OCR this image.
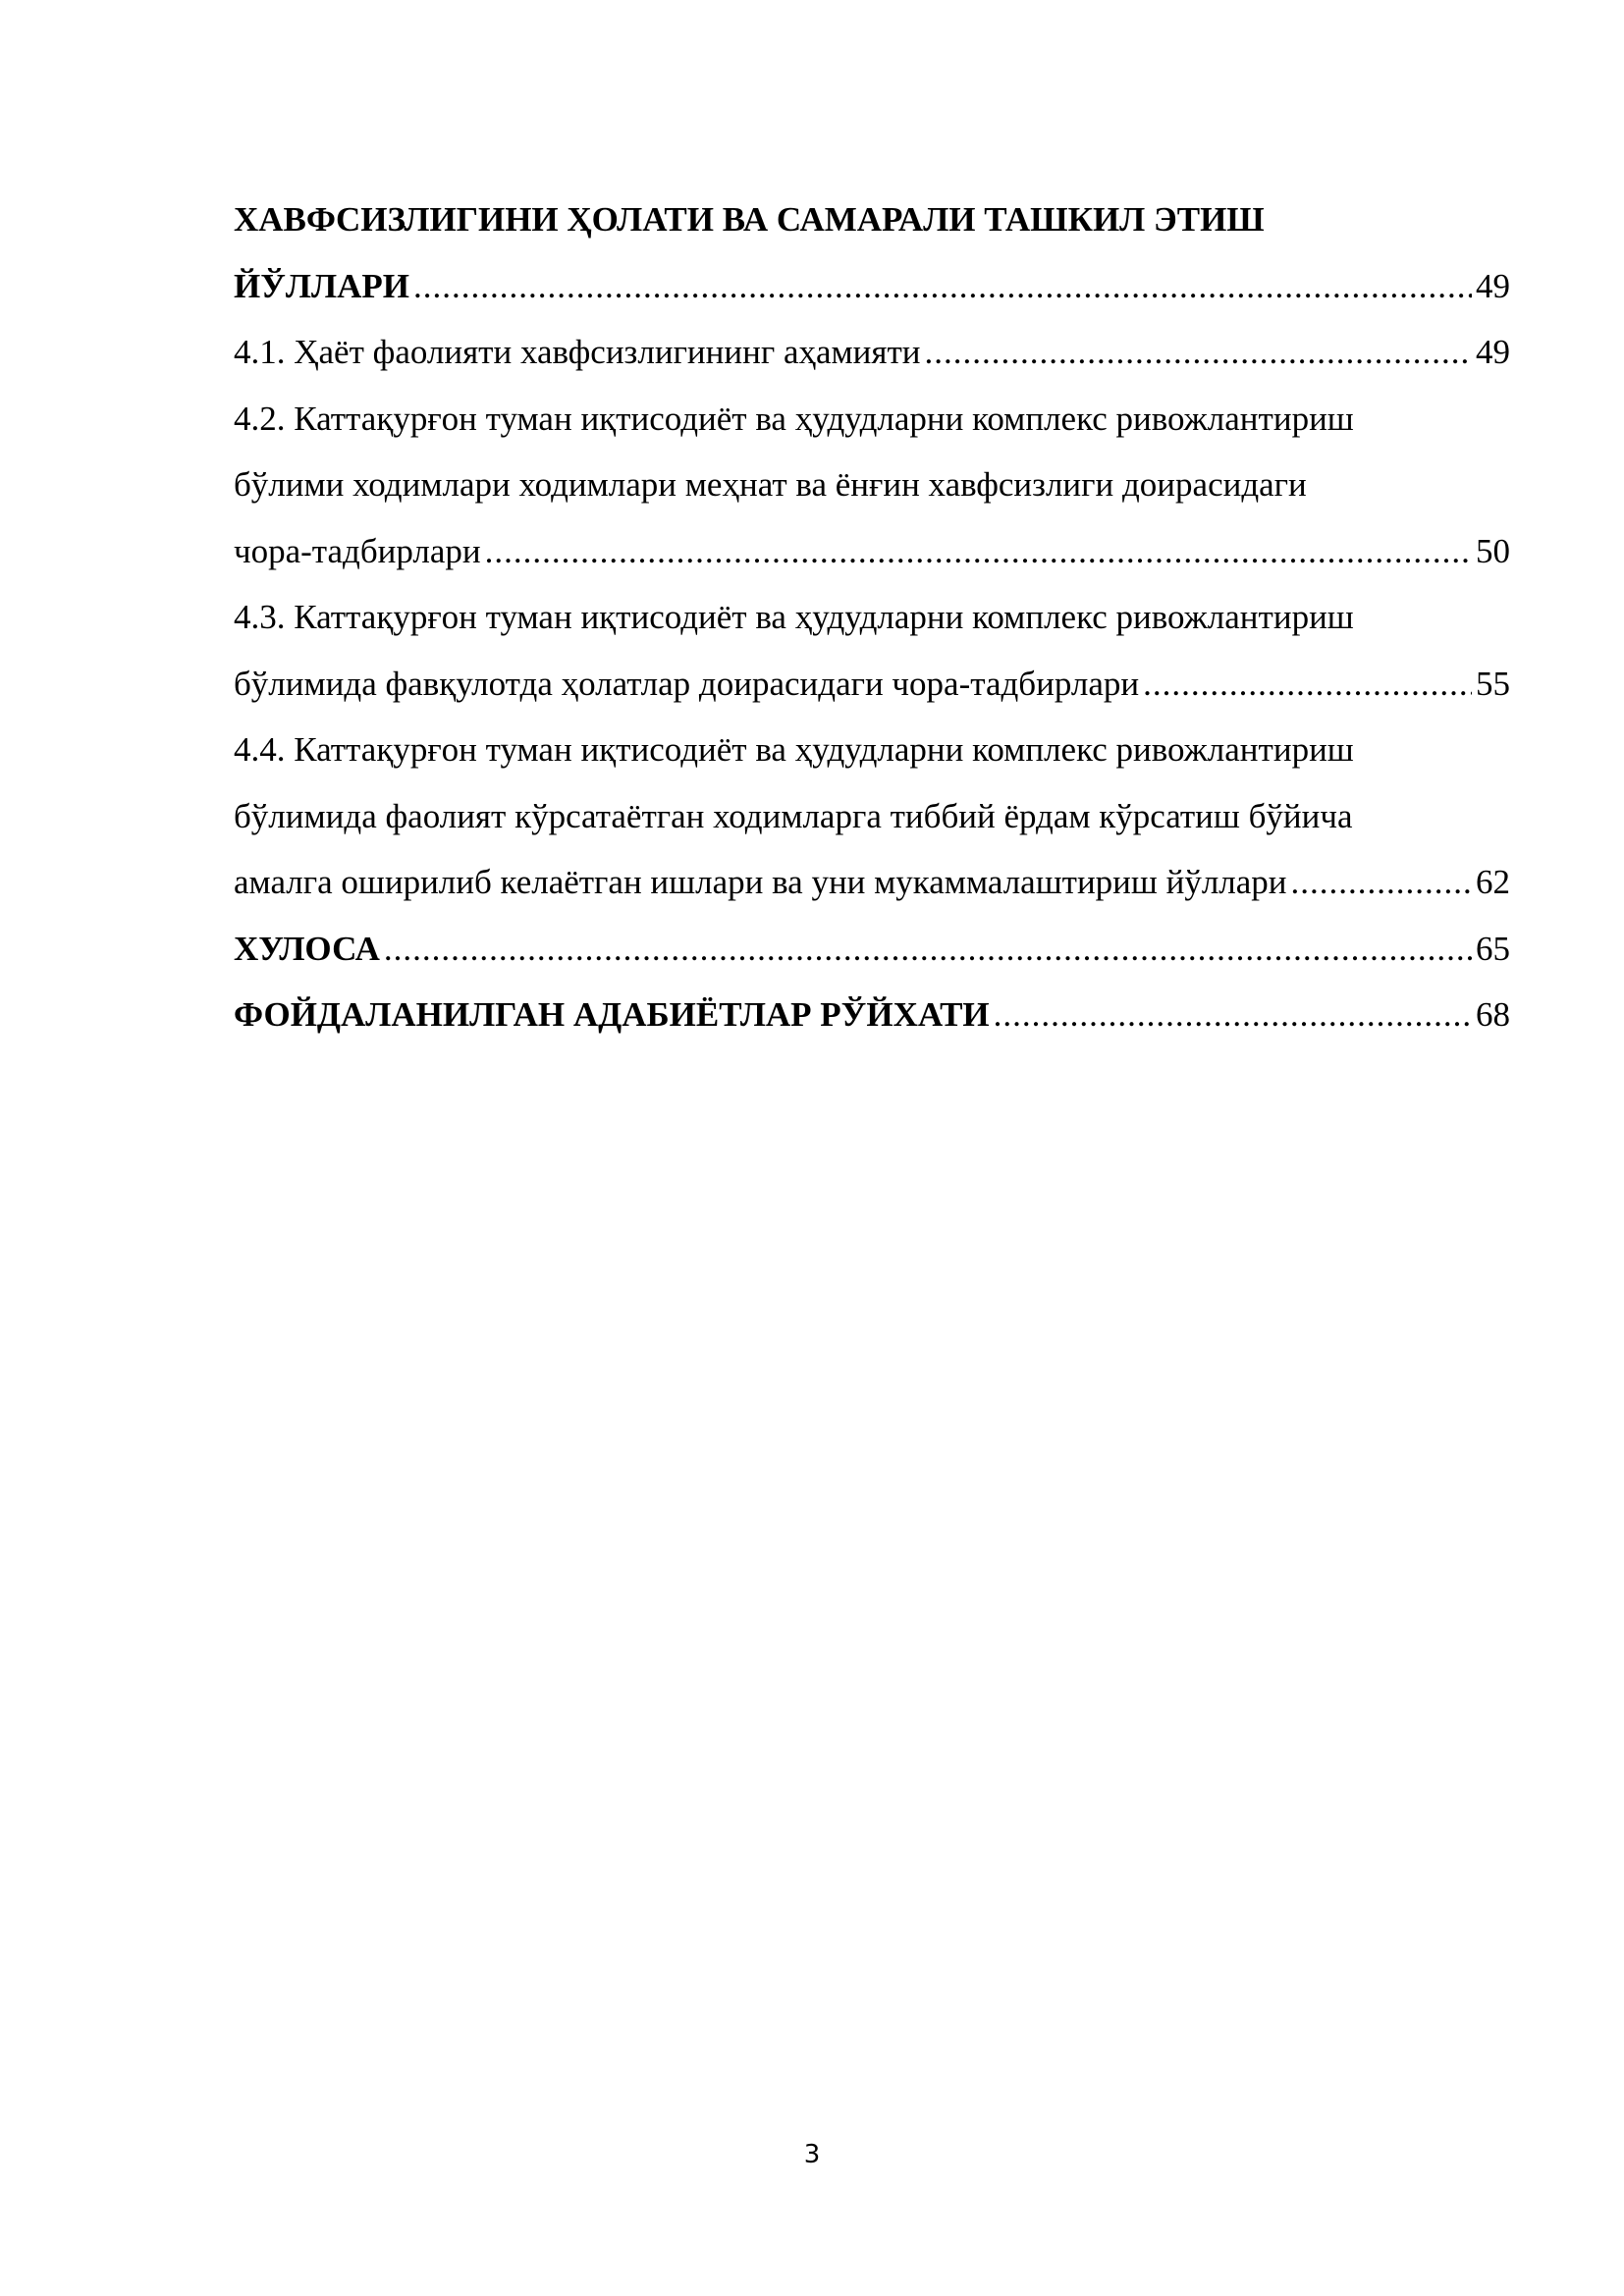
ХАВФСИЗЛИГИНИ ҲОЛАТИ ВА САМАРАЛИ ТАШКИЛ ЭТИШ
ЙЎЛЛАРИ .....	49
4.1. Ҳаёт фаолияти хавфсизлигининг аҳамияти .....	49
4.2. Каттақурғон туман иқтисодиёт ва ҳудудларни комплекс ривожлантириш
бўлими ходимлари ходимлари меҳнат ва ёнғин хавфсизлиги доирасидаги
чора-тадбирлари .....	50
4.3. Каттақурғон туман иқтисодиёт ва ҳудудларни комплекс ривожлантириш
бўлимида фавқулотда ҳолатлар доирасидаги чора-тадбирлари .....	55
4.4. Каттақурғон туман иқтисодиёт ва ҳудудларни комплекс ривожлантириш
бўлимида фаолият кўрсатаётган ходимларга тиббий ёрдам кўрсатиш бўйича
амалга оширилиб келаётган ишлари ва уни мукаммалаштириш йўллари .....	62
ХУЛОСА .....	65
ФОЙДАЛАНИЛГАН АДАБИЁТЛАР РЎЙХАТИ .....	68
3
